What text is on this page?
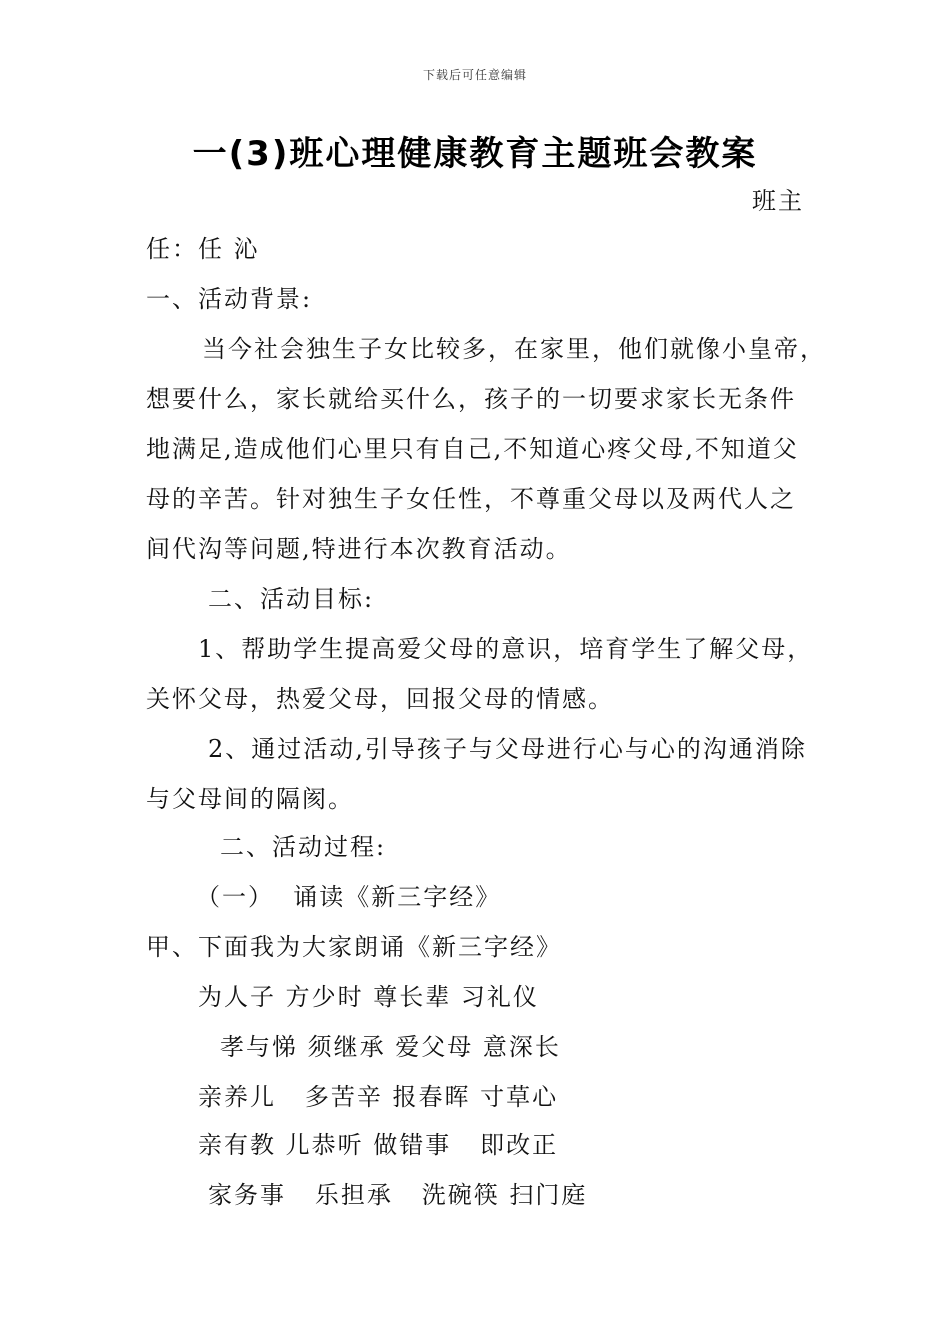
下载后可任意编辑
一(3)班心理健康教育主题班会教案
班主
任：任 沁
一、活动背景:
当今社会独生子女比较多，在家里，他们就像小皇帝，
想要什么，家长就给买什么，孩子的一切要求家长无条件
地满足,造成他们心里只有自己,不知道心疼父母,不知道父
母的辛苦。针对独生子女任性，不尊重父母以及两代人之
间代沟等问题,特进行本次教育活动。
二、活动目标:
1、帮助学生提高爱父母的意识，培育学生了解父母，
关怀父母，热爱父母，回报父母的情感。
2、通过活动,引导孩子与父母进行心与心的沟通消除
与父母间的隔阂。
二、活动过程:
（一）  诵读《新三字经》
甲、下面我为大家朗诵《新三字经》
为人子 方少时 尊长辈 习礼仪
孝与悌 须继承 爱父母 意深长
亲养儿   多苦辛 报春晖 寸草心
亲有教 儿恭听 做错事   即改正
家务事   乐担承   洗碗筷 扫门庭
